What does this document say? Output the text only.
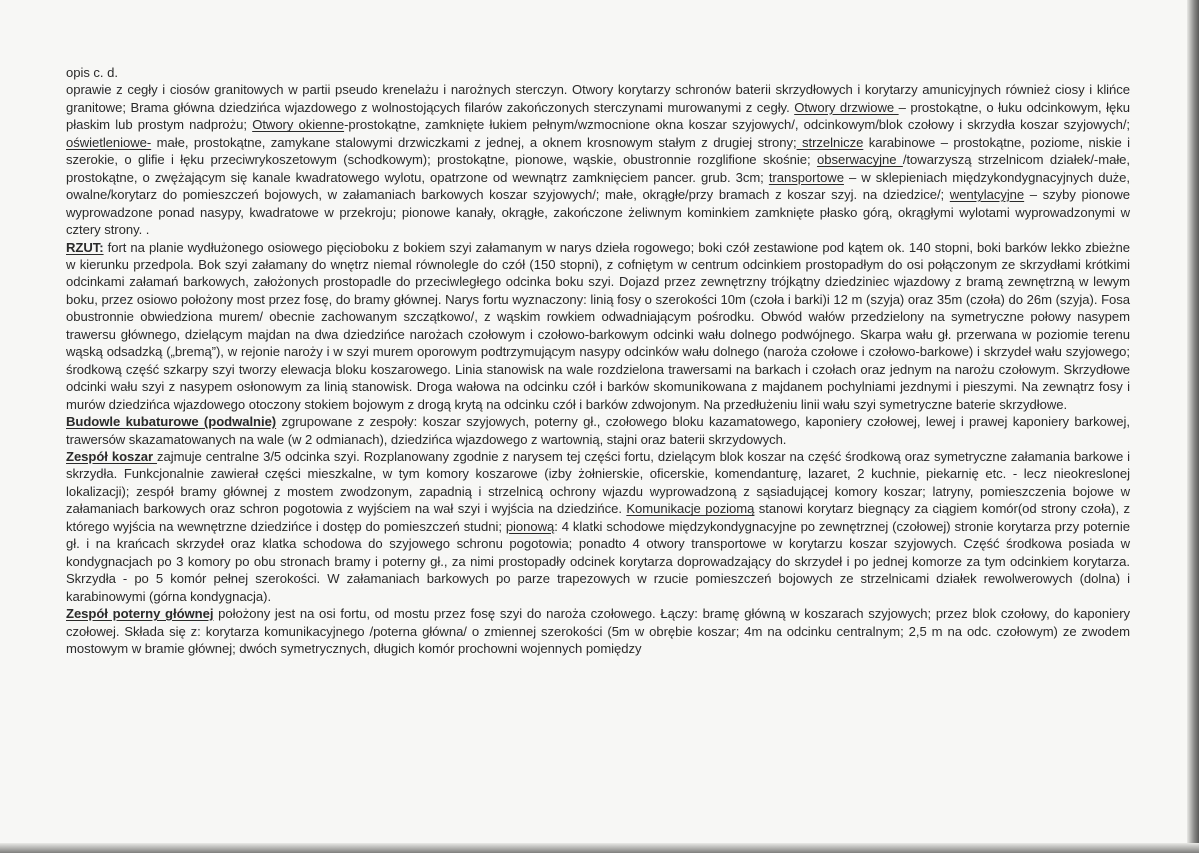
opis c. d.

oprawie z cegły i ciosów granitowych w partii pseudo krenelażu i narożnych sterczyn. Otwory korytarzy schronów baterii skrzydłowych i korytarzy amunicyjnych również ciosy i klińce granitowe; Brama główna dziedzińca wjazdowego z wolnostojących filarów zakończonych sterczynami murowanymi z cegły. Otwory drzwiowe – prostokątne, o łuku odcinkowym, łęku płaskim lub prostym nadprożu; Otwory okienne-prostokątne, zamknięte łukiem pełnym/wzmocnione okna koszar szyjowych/, odcinkowym/blok czołowy i skrzydła koszar szyjowych/; oświetleniowe- małe, prostokątne, zamykane stalowymi drzwiczkami z jednej, a oknem krosnowym stałym z drugiej strony; strzelnicze karabinowe – prostokątne, poziome, niskie i szerokie, o glifie i łęku przeciwrykoszetowym (schodkowym); prostokątne, pionowe, wąskie, obustronnie rozglifione skośnie; obserwacyjne /towarzyszą strzelnicom działek/-małe, prostokątne, o zwężającym się kanale kwadratowego wylotu, opatrzone od wewnątrz zamknięciem pancer. grub. 3cm; transportowe – w sklepieniach międzykondygnacyjnych duże, owalne/korytarz do pomieszczeń bojowych, w załamaniach barkowych koszar szyjowych/; małe, okrągłe/przy bramach z koszar szyj. na dziedzice/; wentylacyjne – szyby pionowe wyprowadzone ponad nasypy, kwadratowe w przekroju; pionowe kanały, okrągłe, zakończone żeliwnym kominkiem zamknięte płasko górą, okrągłymi wylotami wyprowadzonymi w cztery strony. .

RZUT: fort na planie wydłużonego osiowego pięcioboku z bokiem szyi załamanym w narys dzieła rogowego; boki czół zestawione pod kątem ok. 140 stopni, boki barków lekko zbieżne w kierunku przedpola. Bok szyi załamany do wnętrz niemal równolegle do czół (150 stopni), z cofniętym w centrum odcinkiem prostopadłym do osi połączonym ze skrzydłami krótkimi odcinkami załamań barkowych, założonych prostopadle do przeciwległego odcinka boku szyi. Dojazd przez zewnętrzny trójkątny dziedziniec wjazdowy z bramą zewnętrzną w lewym boku, przez osiowo położony most przez fosę, do bramy głównej. Narys fortu wyznaczony: linią fosy o szerokości 10m (czoła i barki)i 12 m (szyja) oraz 35m (czoła) do 26m (szyja). Fosa obustronnie obwiedziona murem/ obecnie zachowanym szczątkowo/, z wąskim rowkiem odwadniającym pośrodku. Obwód wałów przedzielony na symetryczne połowy nasypem trawersu głównego, dzielącym majdan na dwa dziedzińce narożach czołowym i czołowo-barkowym odcinki wału dolnego podwójnego. Skarpa wału gł. przerwana w poziomie terenu wąską odsadzką („bremą”), w rejonie naroży i w szyi murem oporowym podtrzymującym nasypy odcinków wału dolnego (naroża czołowe i czołowo-barkowe) i skrzydeł wału szyjowego; środkową część szkarpy szyi tworzy elewacja bloku koszarowego. Linia stanowisk na wale rozdzielona trawersami na barkach i czołach oraz jednym na narożu czołowym. Skrzydłowe odcinki wału szyi z nasypem osłonowym za linią stanowisk. Droga wałowa na odcinku czół i barków skomunikowana z majdanem pochylniami jezdnymi i pieszymi. Na zewnątrz fosy i murów dziedzińca wjazdowego otoczony stokiem bojowym z drogą krytą na odcinku czół i barków zdwojonym. Na przedłużeniu linii wału szyi symetryczne baterie skrzydłowe.

Budowle kubaturowe (podwalnie) zgrupowane z zespoły: koszar szyjowych, poterny gł., czołowego bloku kazamatowego, kaponiery czołowej, lewej i prawej kaponiery barkowej, trawersów skazamatowanych na wale (w 2 odmianach), dziedzińca wjazdowego z wartownią, stajni oraz baterii skrzydowych.

Zespół koszar zajmuje centralne 3/5 odcinka szyi. Rozplanowany zgodnie z narysem tej części fortu, dzielącym blok koszar na część środkową oraz symetryczne załamania barkowe i skrzydła. Funkcjonalnie zawierał części mieszkalne, w tym komory koszarowe (izby żołnierskie, oficerskie, komendanturę, lazaret, 2 kuchnie, piekarnię etc. - lecz nieokreslonej lokalizacji); zespół bramy głównej z mostem zwodzonym, zapadnią i strzelnicą ochrony wjazdu wyprowadzoną z sąsiadującej komory koszar; latryny, pomieszczenia bojowe w załamaniach barkowych oraz schron pogotowia z wyjściem na wał szyi i wyjścia na dziedzińce. Komunikacje poziomą stanowi korytarz biegnący za ciągiem komór(od strony czoła), z którego wyjścia na wewnętrzne dziedzińce i dostęp do pomieszczeń studni; pionową: 4 klatki schodowe międzykondygnacyjne po zewnętrznej (czołowej) stronie korytarza przy poternie gł. i na krańcach skrzydeł oraz klatka schodowa do szyjowego schronu pogotowia; ponadto 4 otwory transportowe w korytarzu koszar szyjowych. Część środkowa posiada w kondygnacjach po 3 komory po obu stronach bramy i poterny gł., za nimi prostopadły odcinek korytarza doprowadzający do skrzydeł i po jednej komorze za tym odcinkiem korytarza. Skrzydła - po 5 komór pełnej szerokości. W załamaniach barkowych po parze trapezowych w rzucie pomieszczeń bojowych ze strzelnicami działek rewolwerowych (dolna) i karabinowymi (górna kondygnacja).

Zespół poterny głównej położony jest na osi fortu, od mostu przez fosę szyi do naroża czołowego. Łączy: bramę główną w koszarach szyjowych; przez blok czołowy, do kaponiery czołowej. Składa się z: korytarza komunikacyjnego /poterna główna/ o zmiennej szerokości (5m w obrębie koszar; 4m na odcinku centralnym; 2,5 m na odc. czołowym) ze zwodem mostowym w bramie głównej; dwóch symetrycznych, długich komór prochowni wojennych pomiędzy
